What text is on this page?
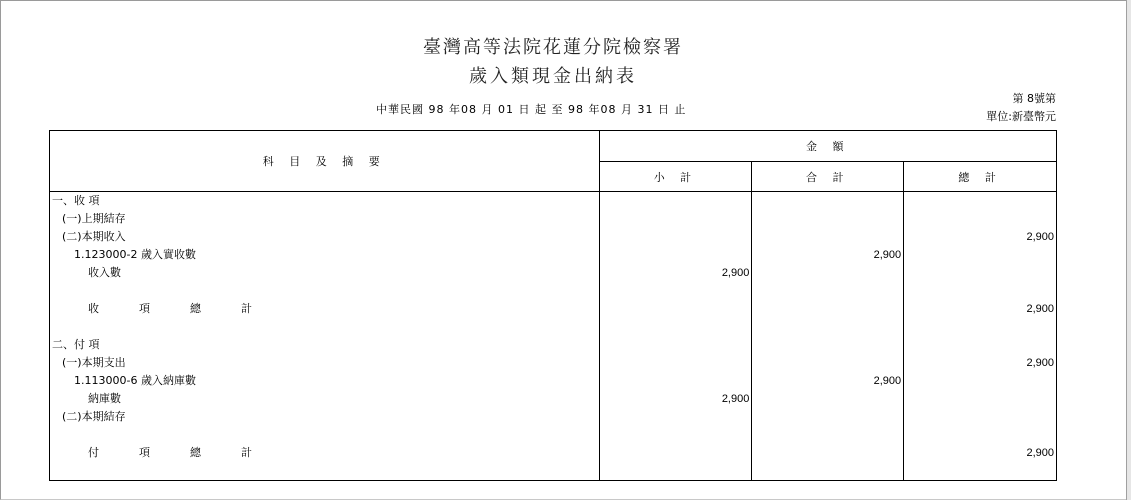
臺灣高等法院花蓮分院檢察署
歲入類現金出納表
中華民國 98 年08 月 01 日 起 至 98 年08 月 31 日 止
第 8號第
單位:新臺幣元
科 目 及 摘 要	金 額		
	小 計	合 計	總 計
一、收 項			
(一)上期結存			
(二)本期收入			2,900
1.123000-2 歲入實收數		2,900	
收入數	2,900		

收項總計			2,900

二、付 項			
(一)本期支出			2,900
1.113000-6 歲入納庫數		2,900	
納庫數	2,900		
(二)本期結存			

付項總計			2,900
